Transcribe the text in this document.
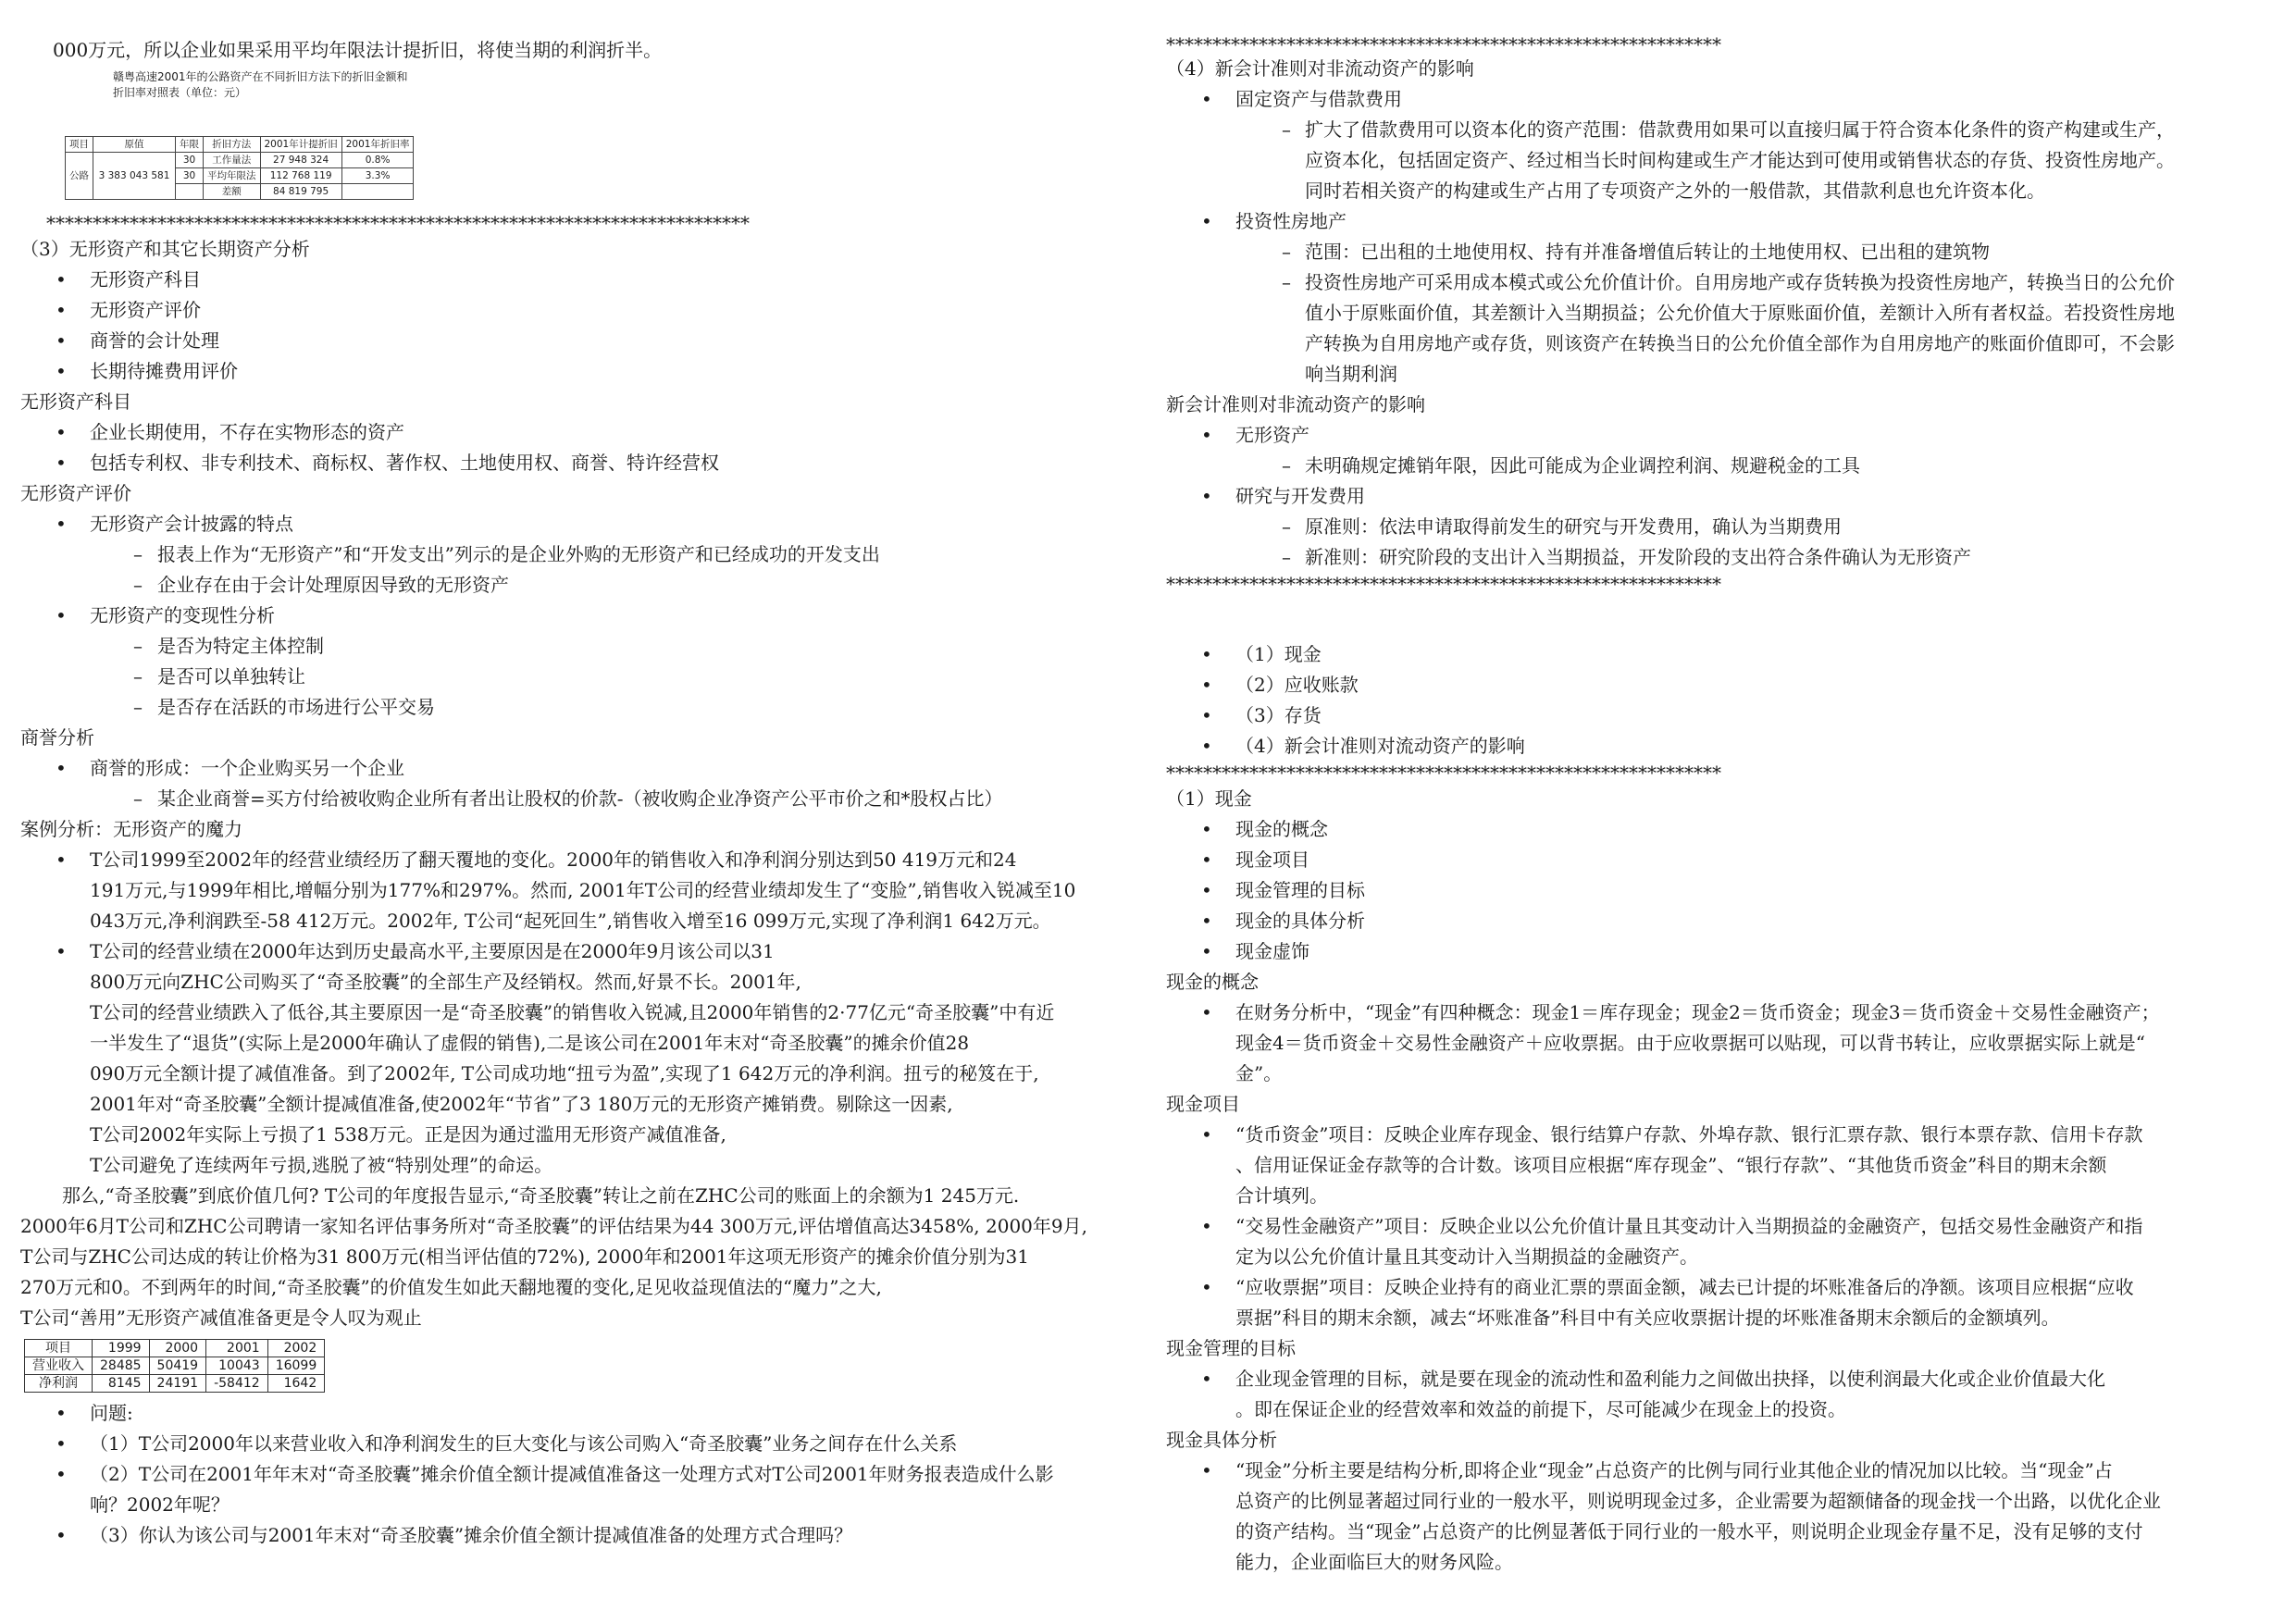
000万元，所以企业如果采用平均年限法计提折旧，将使当期的利润折半。
赣粤高速2001年的公路资产在不同折旧方法下的折旧金额和折旧率对照表（单位：元）
项目	原值	年限	折旧方法	2001年计提折旧	2001年折旧率
公路	3 383 043 581	30	工作量法	27 948 324	0.8%
		30	平均年限法	112 768 119	3.3%
			差额	84 819 795	
****************************************************************************
（3）无形资产和其它长期资产分析
• 无形资产科目
• 无形资产评价
• 商誉的会计处理
• 长期待摊费用评价
无形资产科目
• 企业长期使用，不存在实物形态的资产
• 包括专利权、非专利技术、商标权、著作权、土地使用权、商誉、特许经营权
无形资产评价
• 无形资产会计披露的特点
– 报表上作为“无形资产”和“开发支出”列示的是企业外购的无形资产和已经成功的开发支出
– 企业存在由于会计处理原因导致的无形资产
• 无形资产的变现性分析
– 是否为特定主体控制
– 是否可以单独转让
– 是否存在活跃的市场进行公平交易
商誉分析
• 商誉的形成：一个企业购买另一个企业
– 某企业商誉=买方付给被收购企业所有者出让股权的价款-（被收购企业净资产公平市价之和*股权占比）
案例分析：无形资产的魔力
• T公司1999至2002年的经营业绩经历了翻天覆地的变化。2000年的销售收入和净利润分别达到50 419万元和24
191万元,与1999年相比,增幅分别为177%和297%。然而, 2001年T公司的经营业绩却发生了“变脸”,销售收入锐减至10
043万元,净利润跌至-58 412万元。2002年, T公司“起死回生”,销售收入增至16 099万元,实现了净利润1 642万元。
• T公司的经营业绩在2000年达到历史最高水平,主要原因是在2000年9月该公司以31
800万元向ZHC公司购买了“奇圣胶囊”的全部生产及经销权。然而,好景不长。2001年,
T公司的经营业绩跌入了低谷,其主要原因一是“奇圣胶囊”的销售收入锐减,且2000年销售的2·77亿元“奇圣胶囊”中有近
一半发生了“退货”(实际上是2000年确认了虚假的销售),二是该公司在2001年末对“奇圣胶囊”的摊余价值28
090万元全额计提了减值准备。到了2002年, T公司成功地“扭亏为盈”,实现了1 642万元的净利润。扭亏的秘笈在于,
2001年对“奇圣胶囊”全额计提减值准备,使2002年“节省”了3 180万元的无形资产摊销费。剔除这一因素,
T公司2002年实际上亏损了1 538万元。正是因为通过滥用无形资产减值准备,
T公司避免了连续两年亏损,逃脱了被“特别处理”的命运。
那么,“奇圣胶囊”到底价值几何? T公司的年度报告显示,“奇圣胶囊”转让之前在ZHC公司的账面上的余额为1 245万元.
2000年6月T公司和ZHC公司聘请一家知名评估事务所对“奇圣胶囊”的评估结果为44 300万元,评估增值高达3458%, 2000年9月,
T公司与ZHC公司达成的转让价格为31 800万元(相当评估值的72%), 2000年和2001年这项无形资产的摊余价值分别为31
270万元和0。不到两年的时间,“奇圣胶囊”的价值发生如此天翻地覆的变化,足见收益现值法的“魔力”之大,
T公司“善用”无形资产减值准备更是令人叹为观止
项目	1999	2000	2001	2002
营业收入	28485	50419	10043	16099
净利润	8145	24191	-58412	1642
• 问题:
• （1）T公司2000年以来营业收入和净利润发生的巨大变化与该公司购入“奇圣胶囊”业务之间存在什么关系
• （2）T公司在2001年年末对“奇圣胶囊”摊余价值全额计提减值准备这一处理方式对T公司2001年财务报表造成什么影
响？2002年呢？
• （3）你认为该公司与2001年末对“奇圣胶囊”摊余价值全额计提减值准备的处理方式合理吗？
************************************************************
（4）新会计准则对非流动资产的影响
• 固定资产与借款费用
– 扩大了借款费用可以资本化的资产范围：借款费用如果可以直接归属于符合资本化条件的资产构建或生产，
应资本化，包括固定资产、经过相当长时间构建或生产才能达到可使用或销售状态的存货、投资性房地产。
同时若相关资产的构建或生产占用了专项资产之外的一般借款，其借款利息也允许资本化。
• 投资性房地产
– 范围：已出租的土地使用权、持有并准备增值后转让的土地使用权、已出租的建筑物
– 投资性房地产可采用成本模式或公允价值计价。自用房地产或存货转换为投资性房地产，转换当日的公允价
值小于原账面价值，其差额计入当期损益；公允价值大于原账面价值，差额计入所有者权益。若投资性房地
产转换为自用房地产或存货，则该资产在转换当日的公允价值全部作为自用房地产的账面价值即可，不会影
响当期利润
新会计准则对非流动资产的影响
• 无形资产
– 未明确规定摊销年限，因此可能成为企业调控利润、规避税金的工具
• 研究与开发费用
– 原准则：依法申请取得前发生的研究与开发费用，确认为当期费用
– 新准则：研究阶段的支出计入当期损益，开发阶段的支出符合条件确认为无形资产
************************************************************
• （1）现金
• （2）应收账款
• （3）存货
• （4）新会计准则对流动资产的影响
************************************************************
（1）现金
• 现金的概念
• 现金项目
• 现金管理的目标
• 现金的具体分析
• 现金虚饰
现金的概念
• 在财务分析中，“现金”有四种概念：现金1＝库存现金；现金2＝货币资金；现金3＝货币资金＋交易性金融资产；
现金4＝货币资金＋交易性金融资产＋应收票据。由于应收票据可以贴现，可以背书转让，应收票据实际上就是“
金”。
现金项目
• “货币资金”项目：反映企业库存现金、银行结算户存款、外埠存款、银行汇票存款、银行本票存款、信用卡存款
、信用证保证金存款等的合计数。该项目应根据“库存现金”、“银行存款”、“其他货币资金”科目的期末余额
合计填列。
• “交易性金融资产”项目：反映企业以公允价值计量且其变动计入当期损益的金融资产，包括交易性金融资产和指
定为以公允价值计量且其变动计入当期损益的金融资产。
• “应收票据”项目：反映企业持有的商业汇票的票面金额，减去已计提的坏账准备后的净额。该项目应根据“应收
票据”科目的期末余额，减去“坏账准备”科目中有关应收票据计提的坏账准备期末余额后的金额填列。
现金管理的目标
• 企业现金管理的目标，就是要在现金的流动性和盈利能力之间做出抉择，以使利润最大化或企业价值最大化
。即在保证企业的经营效率和效益的前提下，尽可能减少在现金上的投资。
现金具体分析
• “现金”分析主要是结构分析,即将企业“现金”占总资产的比例与同行业其他企业的情况加以比较。当“现金”占
总资产的比例显著超过同行业的一般水平，则说明现金过多，企业需要为超额储备的现金找一个出路，以优化企业
的资产结构。当“现金”占总资产的比例显著低于同行业的一般水平，则说明企业现金存量不足，没有足够的支付
能力，企业面临巨大的财务风险。
